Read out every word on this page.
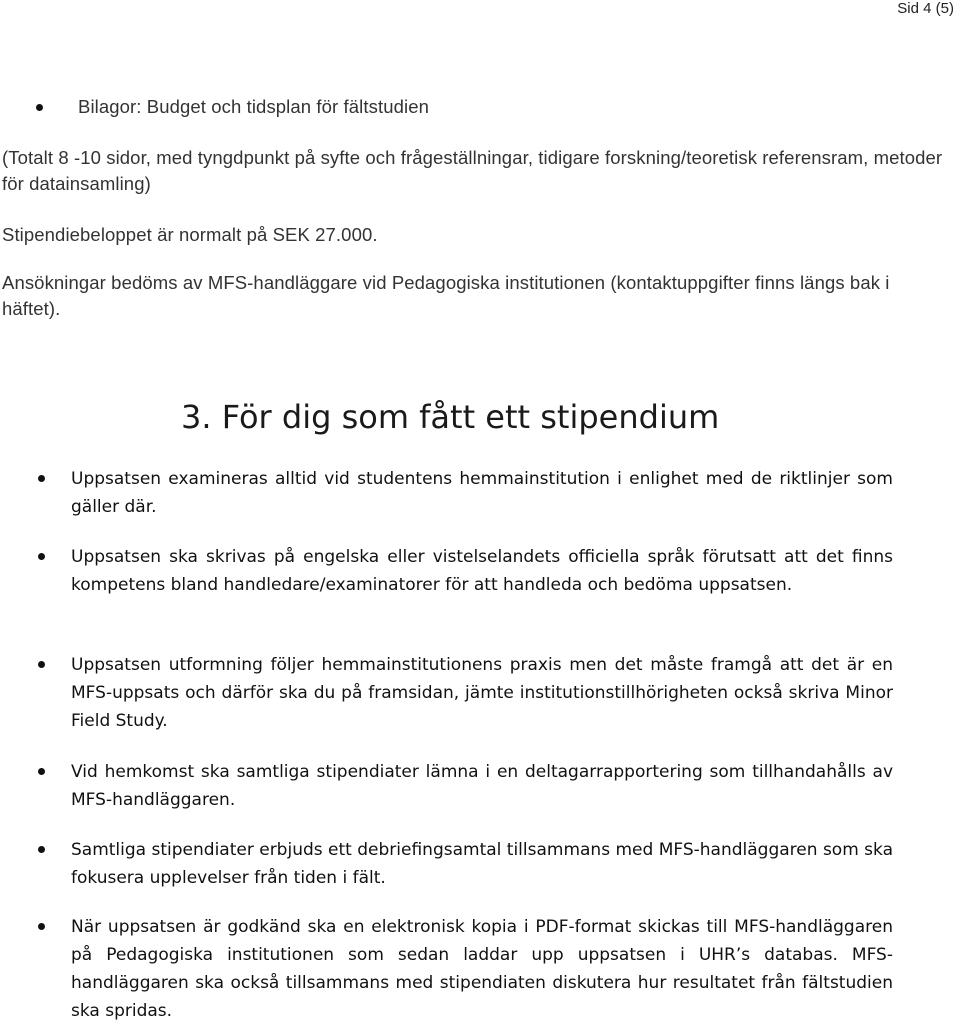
Sid 4 (5)
Bilagor: Budget och tidsplan för fältstudien

(Totalt 8 -10 sidor, med tyngdpunkt på syfte och frågeställningar, tidigare forskning/teoretisk referensram, metoder för datainsamling)

Stipendiebeloppet är normalt på SEK 27.000.

Ansökningar bedöms av MFS-handläggare vid Pedagogiska institutionen (kontaktuppgifter finns längs bak i häftet).

3. För dig som fått ett stipendium

Uppsatsen examineras alltid vid studentens hemmainstitution i enlighet med de riktlinjer som gäller där.

Uppsatsen ska skrivas på engelska eller vistelselandets officiella språk förutsatt att det finns kompetens bland handledare/examinatorer för att handleda och bedöma uppsatsen.

Uppsatsen utformning följer hemmainstitutionens praxis men det måste framgå att det är en MFS-uppsats och därför ska du på framsidan, jämte institutionstillhörigheten också skriva Minor Field Study.

Vid hemkomst ska samtliga stipendiater lämna i en deltagarrapportering som tillhandahålls av MFS-handläggaren.

Samtliga stipendiater erbjuds ett debriefingsamtal tillsammans med MFS-handläggaren som ska fokusera upplevelser från tiden i fält.

När uppsatsen är godkänd ska en elektronisk kopia i PDF-format skickas till MFS-handläggaren på Pedagogiska institutionen som sedan laddar upp uppsatsen i UHR’s databas. MFS-handläggaren ska också tillsammans med stipendiaten diskutera hur resultatet från fältstudien ska spridas.
